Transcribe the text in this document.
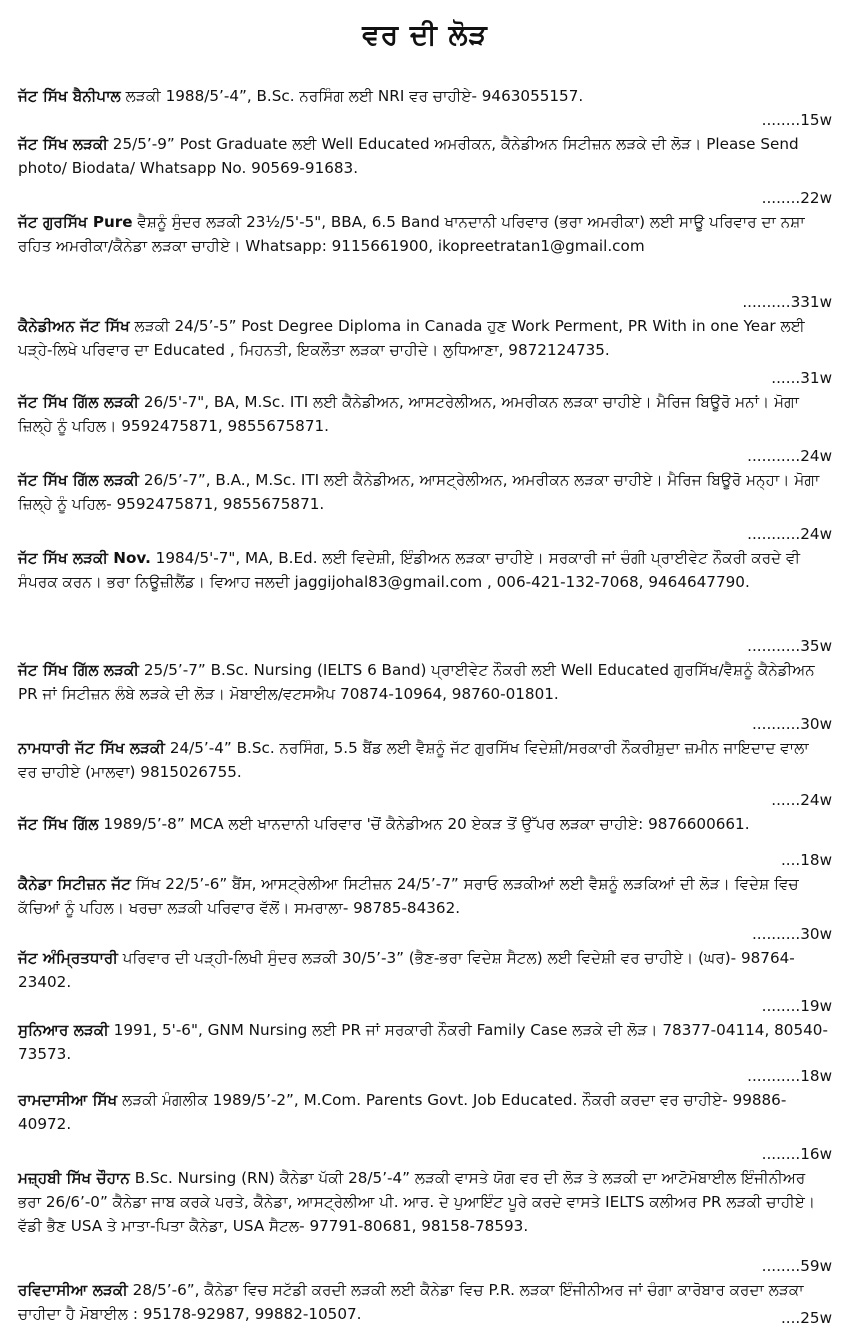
ਵਰ ਦੀ ਲੋੜ
ਜੱਟ ਸਿੱਖ ਬੈਨੀਪਾਲ ਲੜਕੀ 1988/5’-4”, B.Sc. ਨਰਸਿੰਗ ਲਈ NRI ਵਰ ਚਾਹੀਏ- 9463055157.
........15w
ਜੱਟ ਸਿੱਖ ਲੜਕੀ 25/5’-9” Post Graduate ਲਈ Well Educated ਅਮਰੀਕਨ, ਕੈਨੇਡੀਅਨ ਸਿਟੀਜ਼ਨ ਲੜਕੇ ਦੀ ਲੋੜ। Please Send photo/ Biodata/ Whatsapp No. 90569-91683.
........22w
ਜੱਟ ਗੁਰਸਿੱਖ Pure ਵੈਸ਼ਨੂੰ ਸੁੰਦਰ ਲੜਕੀ 23½/5'-5", BBA, 6.5 Band ਖਾਨਦਾਨੀ ਪਰਿਵਾਰ (ਭਰਾ ਅਮਰੀਕਾ) ਲਈ ਸਾਊ ਪਰਿਵਾਰ ਦਾ ਨਸ਼ਾ ਰਹਿਤ ਅਮਰੀਕਾ/ਕੈਨੇਡਾ ਲੜਕਾ ਚਾਹੀਏ। Whatsapp: 9115661900, ikopreetratan1@gmail.com
..........331w
ਕੈਨੇਡੀਅਨ ਜੱਟ ਸਿੱਖ ਲੜਕੀ 24/5’-5” Post Degree Diploma in Canada ਹੁਣ Work Perment, PR With in one Year ਲਈ ਪੜ੍ਹੇ-ਲਿਖੇ ਪਰਿਵਾਰ ਦਾ Educated , ਮਿਹਨਤੀ, ਇਕਲੌਤਾ ਲੜਕਾ ਚਾਹੀਦੇ। ਲੁਧਿਆਣਾ, 9872124735.
......31w
ਜੱਟ ਸਿੱਖ ਗਿੱਲ ਲੜਕੀ 26/5'-7", BA, M.Sc. ITI ਲਈ ਕੈਨੇਡੀਅਨ, ਆਸਟਰੇਲੀਅਨ, ਅਮਰੀਕਨ ਲੜਕਾ ਚਾਹੀਏ। ਮੈਰਿਜ ਬਿਊਰੋ ਮਨਾਂ। ਮੋਗਾ ਜ਼ਿਲ੍ਹੇ ਨੂੰ ਪਹਿਲ। 9592475871, 9855675871.
...........24w
ਜੱਟ ਸਿੱਖ ਗਿੱਲ ਲੜਕੀ 26/5’-7”, B.A., M.Sc. ITI ਲਈ ਕੈਨੇਡੀਅਨ, ਆਸਟ੍ਰੇਲੀਅਨ, ਅਮਰੀਕਨ ਲੜਕਾ ਚਾਹੀਏ। ਮੈਰਿਜ ਬਿਊਰੋ ਮਨ੍ਹਾ। ਮੋਗਾ ਜ਼ਿਲ੍ਹੇ ਨੂੰ ਪਹਿਲ- 9592475871, 9855675871.
...........24w
ਜੱਟ ਸਿੱਖ ਲੜਕੀ Nov. 1984/5'-7", MA, B.Ed. ਲਈ ਵਿਦੇਸ਼ੀ, ਇੰਡੀਅਨ ਲੜਕਾ ਚਾਹੀਏ। ਸਰਕਾਰੀ ਜਾਂ ਚੰਗੀ ਪ੍ਰਾਈਵੇਟ ਨੌਕਰੀ ਕਰਦੇ ਵੀ ਸੰਪਰਕ ਕਰਨ। ਭਰਾ ਨਿਊਜ਼ੀਲੈਂਡ। ਵਿਆਹ ਜਲਦੀ jaggijohal83@gmail.com , 006-421-132-7068, 9464647790.
...........35w
ਜੱਟ ਸਿੱਖ ਗਿੱਲ ਲੜਕੀ 25/5’-7” B.Sc. Nursing (IELTS 6 Band) ਪ੍ਰਾਈਵੇਟ ਨੌਕਰੀ ਲਈ Well Educated ਗੁਰਸਿੱਖ/ਵੈਸ਼ਨੂੰ ਕੈਨੇਡੀਅਨ PR ਜਾਂ ਸਿਟੀਜ਼ਨ ਲੰਬੇ ਲੜਕੇ ਦੀ ਲੋੜ। ਮੋਬਾਈਲ/ਵਟਸਐਪ 70874-10964, 98760-01801.
..........30w
ਨਾਮਧਾਰੀ ਜੱਟ ਸਿੱਖ ਲੜਕੀ 24/5’-4” B.Sc. ਨਰਸਿੰਗ, 5.5 ਬੈਂਡ ਲਈ ਵੈਸ਼ਨੂੰ ਜੱਟ ਗੁਰਸਿੱਖ ਵਿਦੇਸ਼ੀ/ਸਰਕਾਰੀ ਨੌਕਰੀਸ਼ੁਦਾ ਜ਼ਮੀਨ ਜਾਇਦਾਦ ਵਾਲਾ ਵਰ ਚਾਹੀਏ (ਮਾਲਵਾ) 9815026755.
......24w
ਜੱਟ ਸਿੱਖ ਗਿੱਲ 1989/5’-8” MCA ਲਈ ਖਾਨਦਾਨੀ ਪਰਿਵਾਰ 'ਚੋਂ ਕੈਨੇਡੀਅਨ 20 ਏਕੜ ਤੋਂ ਉੱਪਰ ਲੜਕਾ ਚਾਹੀਏ: 9876600661.
....18w
ਕੈਨੇਡਾ ਸਿਟੀਜ਼ਨ ਜੱਟ ਸਿੱਖ 22/5’-6” ਬੈਂਸ, ਆਸਟ੍ਰੇਲੀਆ ਸਿਟੀਜ਼ਨ 24/5’-7” ਸਰਾਓ ਲੜਕੀਆਂ ਲਈ ਵੈਸ਼ਨੂੰ ਲੜਕਿਆਂ ਦੀ ਲੋੜ। ਵਿਦੇਸ਼ ਵਿਚ ਕੱਚਿਆਂ ਨੂੰ ਪਹਿਲ। ਖਰਚਾ ਲੜਕੀ ਪਰਿਵਾਰ ਵੱਲੋਂ। ਸਮਰਾਲਾ- 98785-84362.
..........30w
ਜੱਟ ਅੰਮ੍ਰਿਤਧਾਰੀ ਪਰਿਵਾਰ ਦੀ ਪੜ੍ਹੀ-ਲਿਖੀ ਸੁੰਦਰ ਲੜਕੀ 30/5’-3” (ਭੈਣ-ਭਰਾ ਵਿਦੇਸ਼ ਸੈਟਲ) ਲਈ ਵਿਦੇਸ਼ੀ ਵਰ ਚਾਹੀਏ। (ਘਰ)- 98764-23402.
........19w
ਸੁਨਿਆਰ ਲੜਕੀ 1991, 5'-6", GNM Nursing ਲਈ PR ਜਾਂ ਸਰਕਾਰੀ ਨੌਕਰੀ Family Case ਲੜਕੇ ਦੀ ਲੋੜ। 78377-04114, 80540-73573.
...........18w
ਰਾਮਦਾਸੀਆ ਸਿੱਖ ਲੜਕੀ ਮੰਗਲੀਕ 1989/5’-2”, M.Com. Parents Govt. Job Educated. ਨੌਕਰੀ ਕਰਦਾ ਵਰ ਚਾਹੀਏ- 99886-40972.
........16w
ਮਜ਼੍ਹਬੀ ਸਿੱਖ ਚੌਹਾਨ B.Sc. Nursing (RN) ਕੈਨੇਡਾ ਪੱਕੀ 28/5’-4” ਲੜਕੀ ਵਾਸਤੇ ਯੋਗ ਵਰ ਦੀ ਲੋੜ ਤੇ ਲੜਕੀ ਦਾ ਆਟੋਮੋਬਾਈਲ ਇੰਜੀਨੀਅਰ ਭਰਾ 26/6’-0” ਕੈਨੇਡਾ ਜਾਬ ਕਰਕੇ ਪਰਤੇ, ਕੈਨੇਡਾ, ਆਸਟ੍ਰੇਲੀਆ ਪੀ. ਆਰ. ਦੇ ਪੁਆਇੰਟ ਪੂਰੇ ਕਰਦੇ ਵਾਸਤੇ IELTS ਕਲੀਅਰ PR ਲੜਕੀ ਚਾਹੀਏ। ਵੱਡੀ ਭੈਣ USA ਤੇ ਮਾਤਾ-ਪਿਤਾ ਕੈਨੇਡਾ, USA ਸੈਟਲ- 97791-80681, 98158-78593.
........59w
ਰਵਿਦਾਸੀਆ ਲੜਕੀ 28/5’-6”, ਕੈਨੇਡਾ ਵਿਚ ਸਟੱਡੀ ਕਰਦੀ ਲੜਕੀ ਲਈ ਕੈਨੇਡਾ ਵਿਚ P.R. ਲੜਕਾ ਇੰਜੀਨੀਅਰ ਜਾਂ ਚੰਗਾ ਕਾਰੋਬਾਰ ਕਰਦਾ ਲੜਕਾ ਚਾਹੀਦਾ ਹੈ ਮੋਬਾਈਲ : 95178-92987, 99882-10507.	....25w
